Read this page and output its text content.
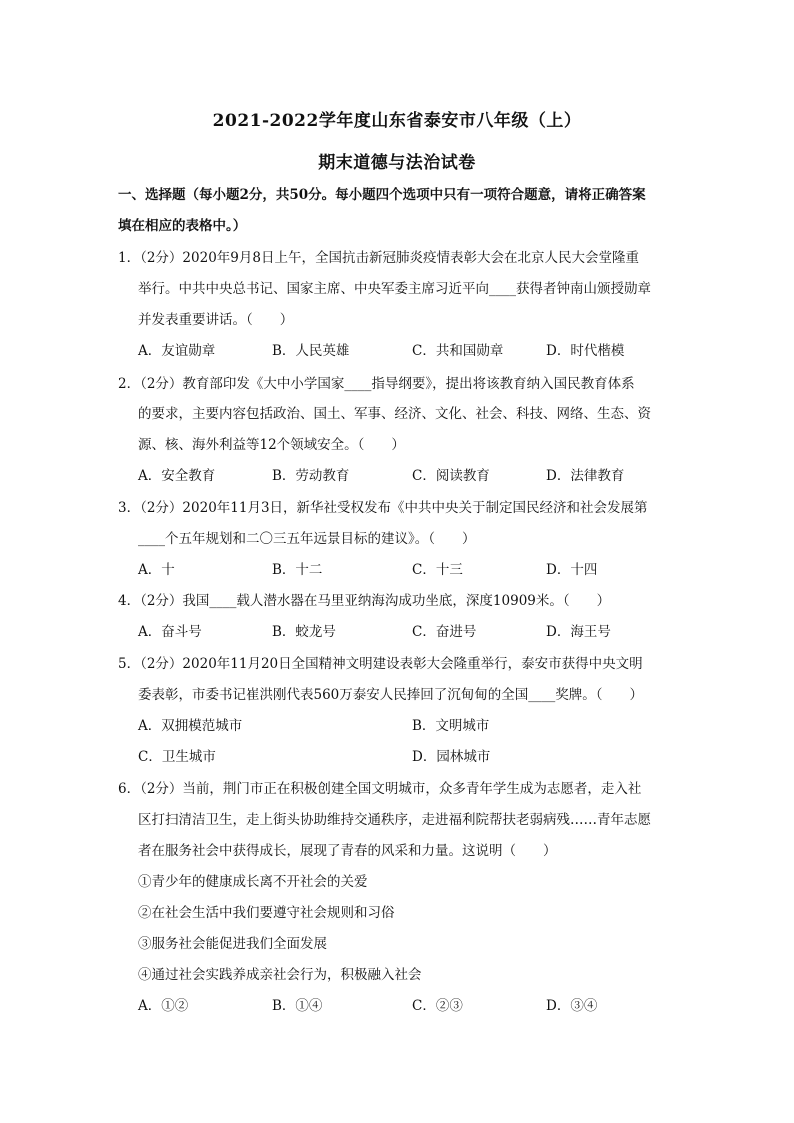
2021-2022学年度山东省泰安市八年级（上）
期末道德与法治试卷
一、选择题（每小题2分，共50分。每小题四个选项中只有一项符合题意，请将正确答案
填在相应的表格中。）
1．（2分）2020年9月8日上午，全国抗击新冠肺炎疫情表彰大会在北京人民大会堂隆重
举行。中共中央总书记、国家主席、中央军委主席习近平向____获得者钟南山颁授勋章
并发表重要讲话。（　　）
A．友谊勋章	B．人民英雄	C．共和国勋章	D．时代楷模
2．（2分）教育部印发《大中小学国家____指导纲要》，提出将该教育纳入国民教育体系
的要求，主要内容包括政治、国土、军事、经济、文化、社会、科技、网络、生态、资
源、核、海外利益等12个领域安全。（　　）
A．安全教育	B．劳动教育	C．阅读教育	D．法律教育
3．（2分）2020年11月3日，新华社受权发布《中共中央关于制定国民经济和社会发展第
____个五年规划和二〇三五年远景目标的建议》。（　　）
A．十	B．十二	C．十三	D．十四
4．（2分）我国____载人潜水器在马里亚纳海沟成功坐底，深度10909米。（　　）
A．奋斗号	B．蛟龙号	C．奋进号	D．海王号
5．（2分）2020年11月20日全国精神文明建设表彰大会隆重举行，泰安市获得中央文明
委表彰，市委书记崔洪刚代表560万泰安人民捧回了沉甸甸的全国____奖牌。（　　）
A．双拥模范城市	B．文明城市
C．卫生城市	D．园林城市
6．（2分）当前，荆门市正在积极创建全国文明城市，众多青年学生成为志愿者，走入社
区打扫清洁卫生，走上街头协助维持交通秩序，走进福利院帮扶老弱病残……青年志愿
者在服务社会中获得成长，展现了青春的风采和力量。这说明（　　）
①青少年的健康成长离不开社会的关爱
②在社会生活中我们要遵守社会规则和习俗
③服务社会能促进我们全面发展
④通过社会实践养成亲社会行为，积极融入社会
A．①②	B．①④	C．②③	D．③④
